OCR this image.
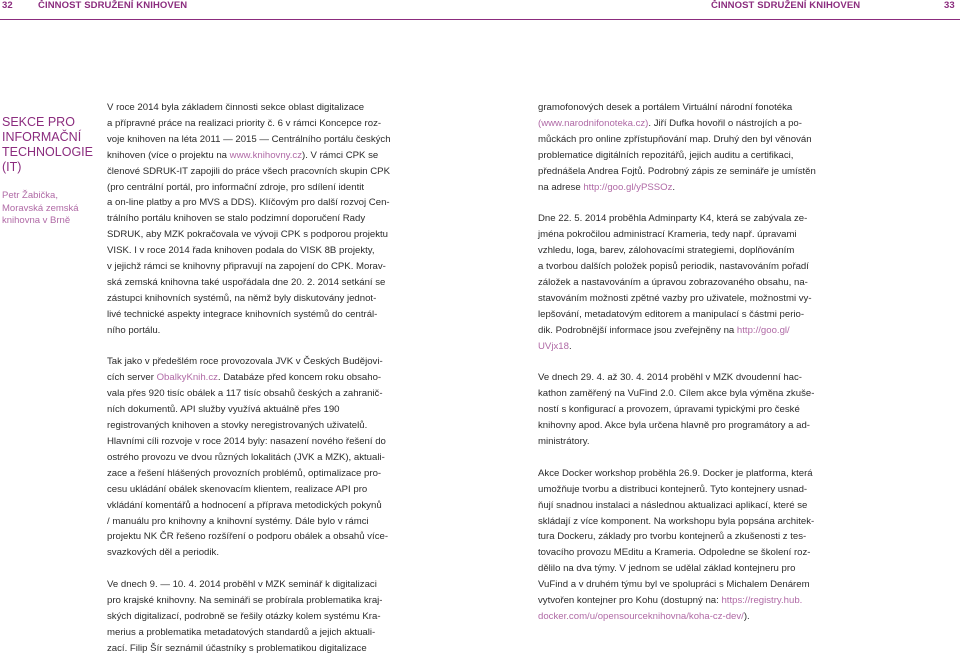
32	ČINNOST SDRUŽENÍ KNIHOVEN	ČINNOST SDRUŽENÍ KNIHOVEN	33
SEKCE PRO
INFORMAČNÍ
TECHNOLOGIE
(IT)
Petr Žabička,
Moravská zemská
knihovna v Brně

V roce 2014 byla základem činnosti sekce oblast digitalizace
a přípravné práce na realizaci priority č. 6 v rámci Koncepce roz-
voje knihoven na léta 2011 — 2015 — Centrálního portálu českých
knihoven (více o projektu na www.knihovny.cz). V rámci CPK se
členové SDRUK-IT zapojili do práce všech pracovních skupin CPK
(pro centrální portál, pro informační zdroje, pro sdílení identit
a on-line platby a pro MVS a DDS). Klíčovým pro další rozvoj Cen-
trálního portálu knihoven se stalo podzimní doporučení Rady
SDRUK, aby MZK pokračovala ve vývoji CPK s podporou projektu
VISK. I v roce 2014 řada knihoven podala do VISK 8B projekty,
v jejichž rámci se knihovny připravují na zapojení do CPK. Morav-
ská zemská knihovna také uspořádala dne 20. 2. 2014 setkání se
zástupci knihovních systémů, na němž byly diskutovány jednot-
livé technické aspekty integrace knihovních systémů do centrál-
ního portálu.

Tak jako v předešlém roce provozovala JVK v Českých Budějovi-
cích server ObalkyKnih.cz. Databáze před koncem roku obsaho-
vala přes 920 tisíc obálek a 117 tisíc obsahů českých a zahranič-
ních dokumentů. API služby využívá aktuálně přes 190
registrovaných knihoven a stovky neregistrovaných uživatelů.
Hlavními cíli rozvoje v roce 2014 byly: nasazení nového řešení do
ostrého provozu ve dvou různých lokalitách (JVK a MZK), aktuali-
zace a řešení hlášených provozních problémů, optimalizace pro-
cesu ukládání obálek skenovacím klientem, realizace API pro
vkládání komentářů a hodnocení a příprava metodických pokynů
/ manuálu pro knihovny a knihovní systémy. Dále bylo v rámci
projektu NK ČR řešeno rozšíření o podporu obálek a obsahů více-
svazkových děl a periodik.

Ve dnech 9. — 10. 4. 2014 proběhl v MZK seminář k digitalizaci
pro krajské knihovny. Na semináři se probírala problematika kraj-
ských digitalizací, podrobně se řešily otázky kolem systému Kra-
merius a problematika metadatových standardů a jejich aktuali-
zací. Filip Šír seznámil účastníky s problematikou digitalizace

gramofonových desek a portálem Virtuální národní fonotéka
(www.narodnifonoteka.cz). Jiří Dufka hovořil o nástrojích a po-
můckách pro online zpřístupňování map. Druhý den byl věnován
problematice digitálních repozitářů, jejich auditu a certifikaci,
přednášela Andrea Fojtů. Podrobný zápis ze semináře je umístěn
na adrese http://goo.gl/yPSSOz.

Dne 22. 5. 2014 proběhla Adminparty K4, která se zabývala ze-
jména pokročilou administrací Krameria, tedy např. úpravami
vzhledu, loga, barev, zálohovacími strategiemi, doplňováním
a tvorbou dalších položek popisů periodik, nastavováním pořadí
záložek a nastavováním a úpravou zobrazovaného obsahu, na-
stavováním možnosti zpětné vazby pro uživatele, možnostmi vy-
lepšování, metadatovým editorem a manipulací s částmi perio-
dik. Podrobnější informace jsou zveřejněny na http://goo.gl/
UVjx18.

Ve dnech 29. 4. až 30. 4. 2014 proběhl v MZK dvoudenní hac-
kathon zaměřený na VuFind 2.0. Cílem akce byla výměna zkuše-
ností s konfigurací a provozem, úpravami typickými pro české
knihovny apod. Akce byla určena hlavně pro programátory a ad-
ministrátory.

Akce Docker workshop proběhla 26.9. Docker je platforma, která
umožňuje tvorbu a distribuci kontejnerů. Tyto kontejnery usnad-
ňují snadnou instalaci a následnou aktualizaci aplikací, které se
skládají z více komponent. Na workshopu byla popsána architek-
tura Dockeru, základy pro tvorbu kontejnerů a zkušenosti z tes-
tovacího provozu MEditu a Krameria. Odpoledne se školení roz-
dělilo na dva týmy. V jednom se udělal základ kontejneru pro
VuFind a v druhém týmu byl ve spolupráci s Michalem Denárem
vytvořen kontejner pro Kohu (dostupný na: https://registry.hub.
docker.com/u/opensourceknihovna/koha-cz-dev/).
